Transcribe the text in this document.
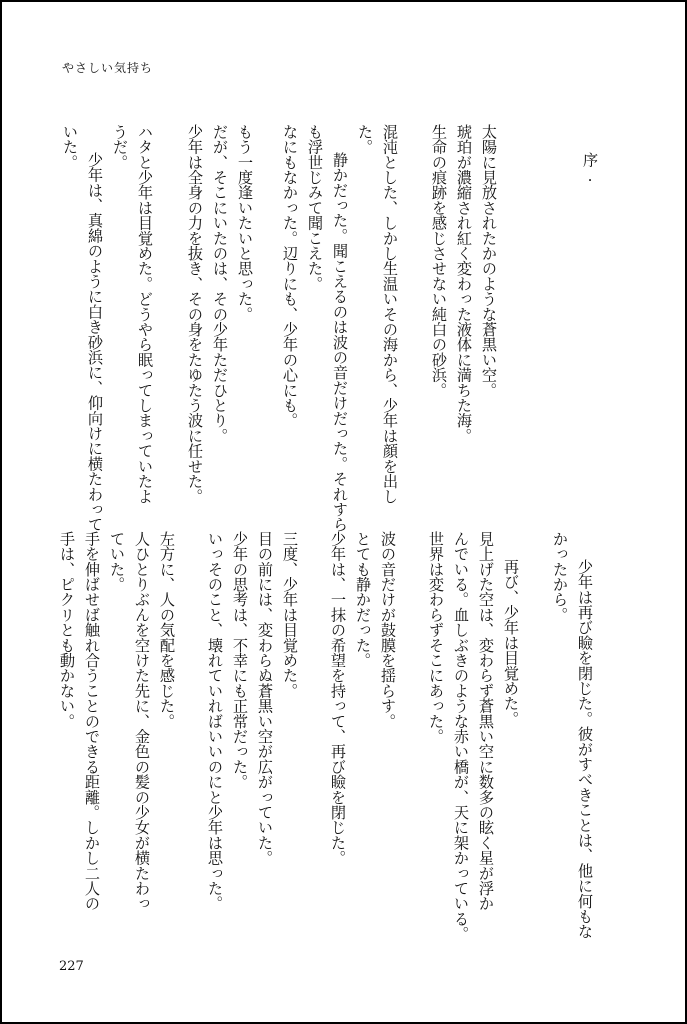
やさしい気持ち
序.
太陽に見放されたかのような蒼黒い空。
琥珀が濃縮され紅く変わった液体に満ちた海。
生命の痕跡を感じさせない純白の砂浜。
混沌とした、しかし生温いその海から、少年は顔を出し
た。
静かだった。聞こえるのは波の音だけだった。それすら
も浮世じみて聞こえた。
なにもなかった。辺りにも、少年の心にも。
もう一度逢いたいと思った。
だが、そこにいたのは、その少年ただひとり。
少年は全身の力を抜き、その身をたゆたう波に任せた。
ハタと少年は目覚めた。どうやら眠ってしまっていたよ
うだ。
少年は、真綿のように白き砂浜に、仰向けに横たわって
いた。
少年は再び瞼を閉じた。彼がすべきことは、他に何もな
かったから。
再び、少年は目覚めた。
見上げた空は、変わらず蒼黒い空に数多の眩く星が浮か
んでいる。血しぶきのような赤い橋が、天に架かっている。
世界は変わらずそこにあった。
波の音だけが鼓膜を揺らす。
とても静かだった。
少年は、一抹の希望を持って、再び瞼を閉じた。
三度、少年は目覚めた。
目の前には、変わらぬ蒼黒い空が広がっていた。
少年の思考は、不幸にも正常だった。
いっそのこと、壊れていればいいのにと少年は思った。
左方に、人の気配を感じた。
人ひとりぶんを空けた先に、金色の髪の少女が横たわっ
ていた。
手を伸ばせば触れ合うことのできる距離。しかし二人の
手は、ピクリとも動かない。
227
